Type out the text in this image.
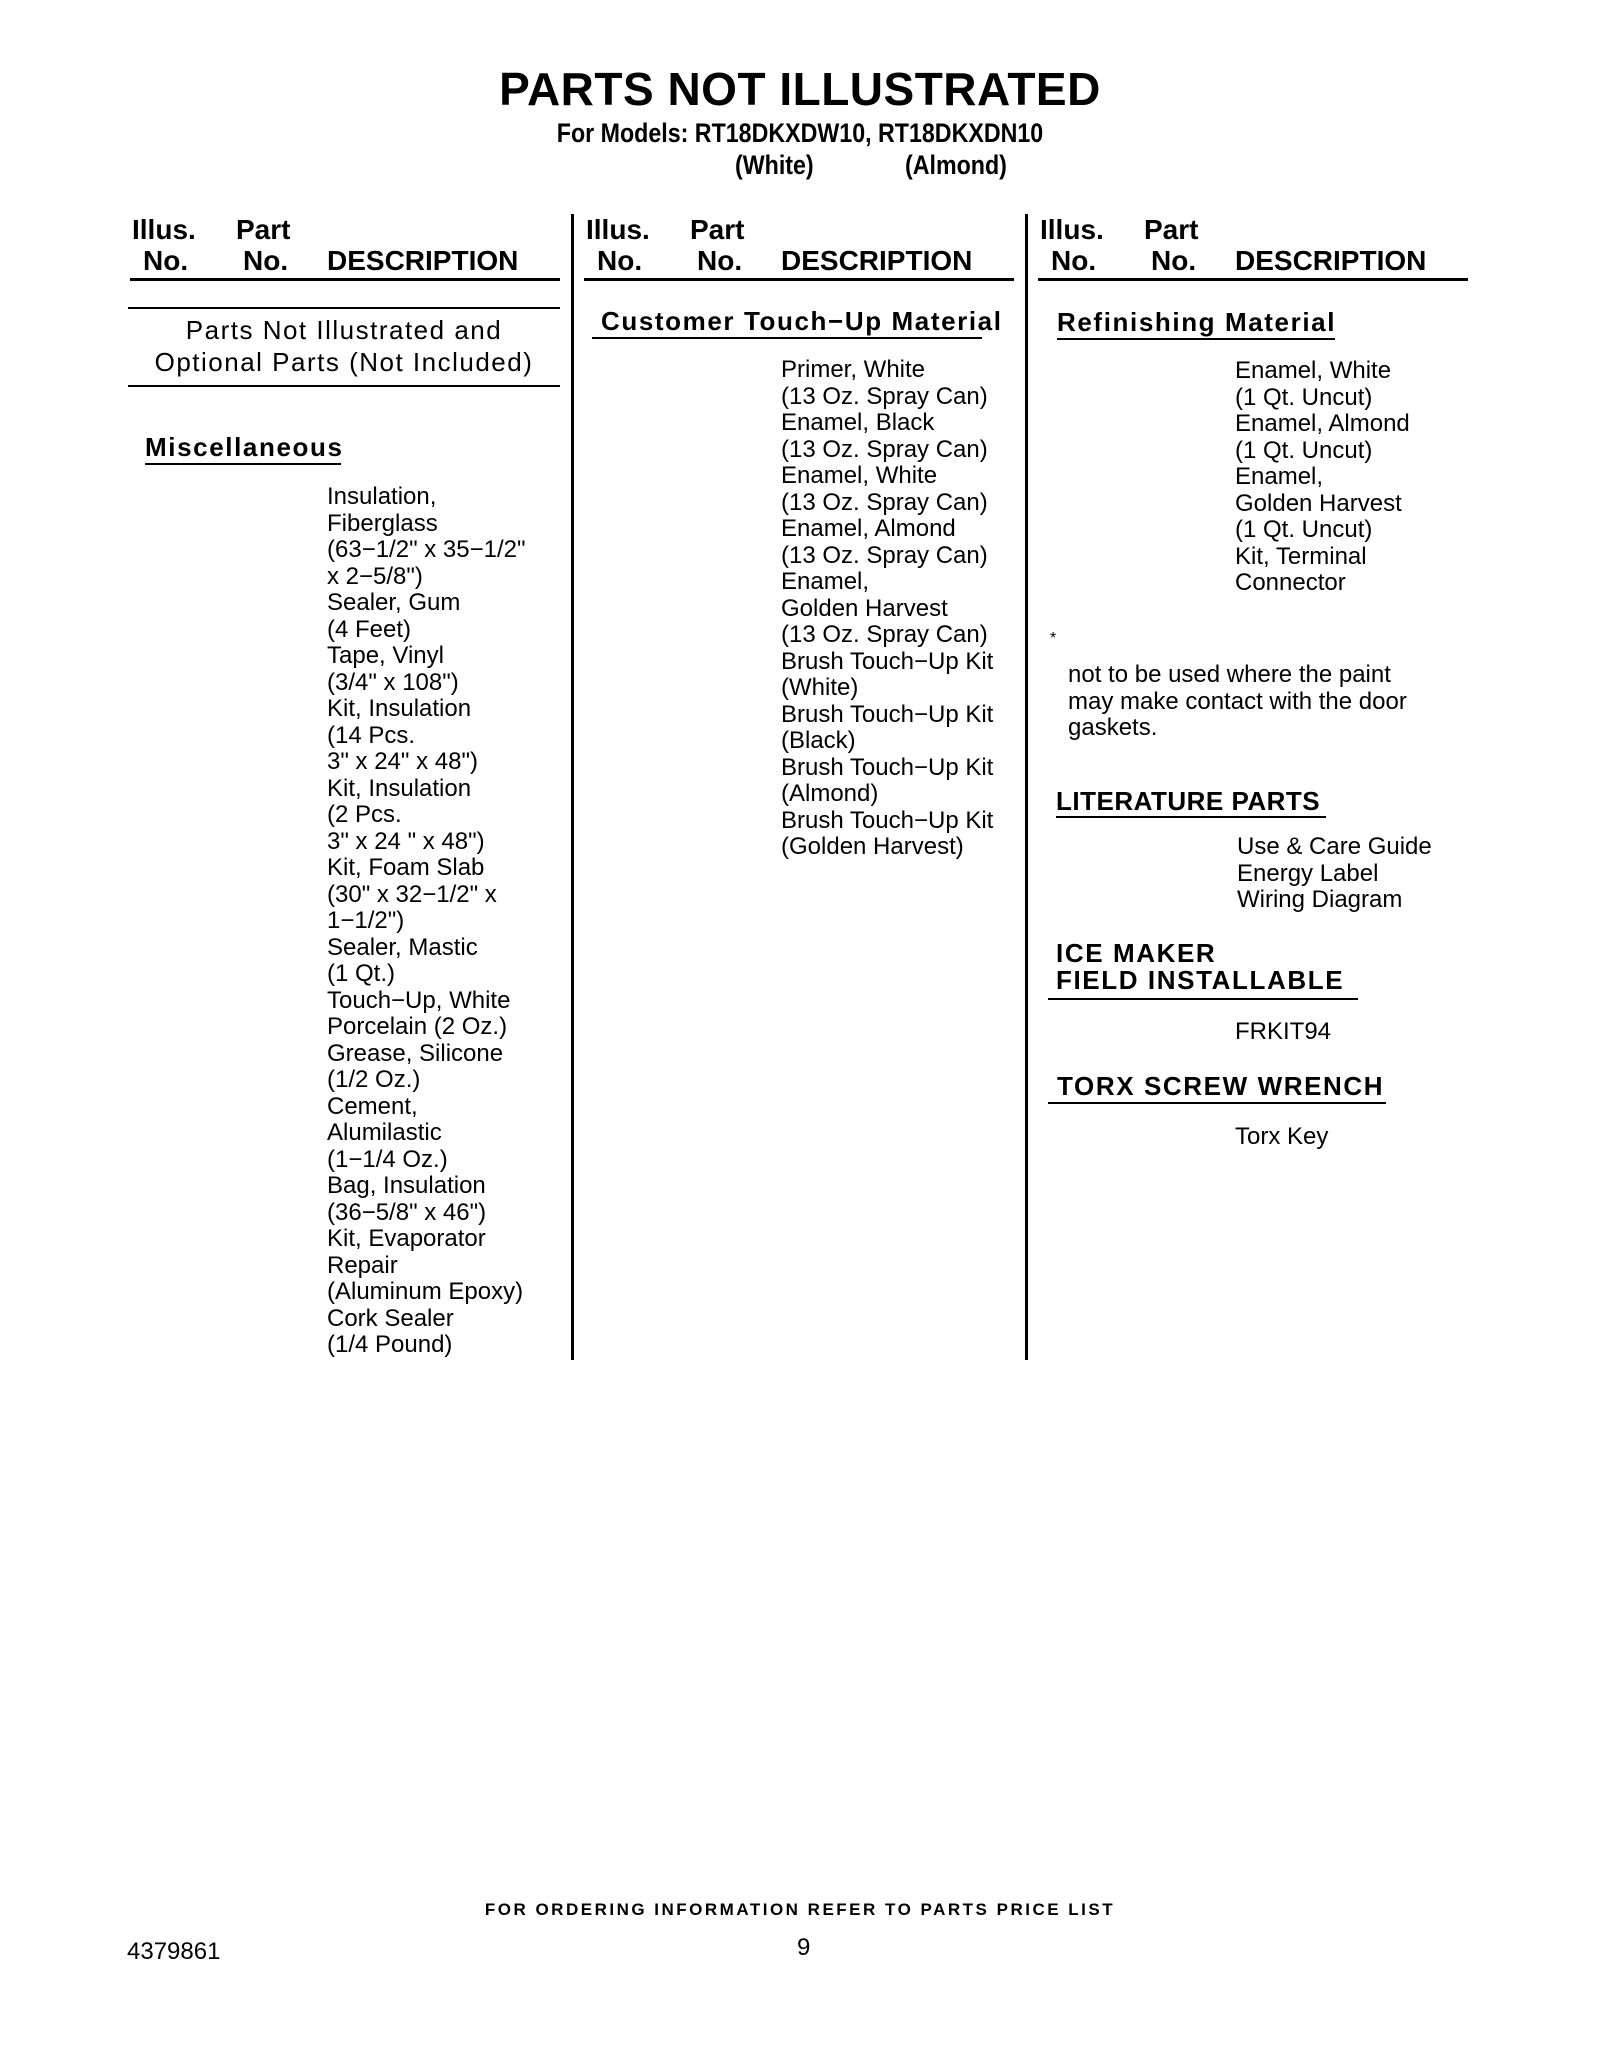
PARTS NOT ILLUSTRATED
For Models: RT18DKXDW10, RT18DKXDN10
(White)	(Almond)
Illus.
No.
Part
No. DESCRIPTION
Illus.
No.
Part
No. DESCRIPTION
Illus.
No.
Part
No. DESCRIPTION
Parts Not Illustrated and
Optional Parts (Not Included)
Miscellaneous
Insulation,
Fiberglass
(63−1/2" x 35−1/2"
x 2−5/8")
Sealer, Gum
(4 Feet)
Tape, Vinyl
(3/4" x 108")
Kit, Insulation
(14 Pcs.
3" x 24" x 48")
Kit, Insulation
(2 Pcs.
3" x 24 " x 48")
Kit, Foam Slab
(30" x 32−1/2" x
1−1/2")
Sealer, Mastic
(1 Qt.)
Touch−Up, White
Porcelain (2 Oz.)
Grease, Silicone
(1/2 Oz.)
Cement,
Alumilastic
(1−1/4 Oz.)
Bag, Insulation
(36−5/8" x 46")
Kit, Evaporator
Repair
(Aluminum Epoxy)
Cork Sealer
(1/4 Pound)
Customer Touch−Up Material
Primer, White
(13 Oz. Spray Can)
Enamel, Black
(13 Oz. Spray Can)
Enamel, White
(13 Oz. Spray Can)
Enamel, Almond
(13 Oz. Spray Can)
Enamel,
Golden Harvest
(13 Oz. Spray Can)
Brush Touch−Up Kit
(White)
Brush Touch−Up Kit
(Black)
Brush Touch−Up Kit
(Almond)
Brush Touch−Up Kit
(Golden Harvest)
Refinishing Material
Enamel, White
(1 Qt. Uncut)
Enamel, Almond
(1 Qt. Uncut)
Enamel,
Golden Harvest
(1 Qt. Uncut)
Kit, Terminal
Connector
*
not to be used where the paint
may make contact with the door
gaskets.
LITERATURE PARTS
Use & Care Guide
Energy Label
Wiring Diagram
ICE MAKER
FIELD INSTALLABLE
FRKIT94
TORX SCREW WRENCH
Torx Key
FOR ORDERING INFORMATION REFER TO PARTS PRICE LIST
4379861	9
